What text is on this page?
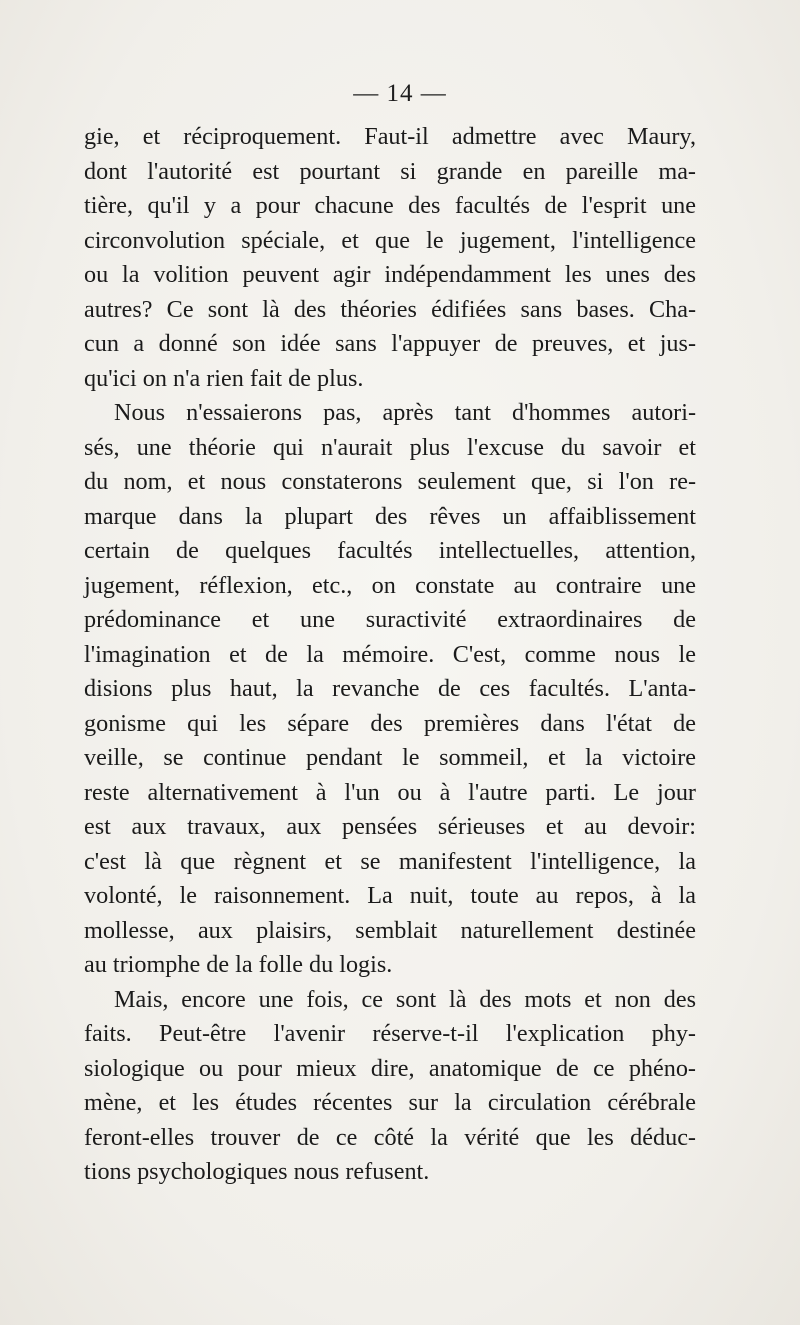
— 14 —
gie, et réciproquement. Faut-il admettre avec Maury,
dont l'autorité est pourtant si grande en pareille ma-
tière, qu'il y a pour chacune des facultés de l'esprit une
circonvolution spéciale, et que le jugement, l'intelligence
ou la volition peuvent agir indépendamment les unes des
autres? Ce sont là des théories édifiées sans bases. Cha-
cun a donné son idée sans l'appuyer de preuves, et jus-
qu'ici on n'a rien fait de plus.
Nous n'essaierons pas, après tant d'hommes autori-
sés, une théorie qui n'aurait plus l'excuse du savoir et
du nom, et nous constaterons seulement que, si l'on re-
marque dans la plupart des rêves un affaiblissement
certain de quelques facultés intellectuelles, attention,
jugement, réflexion, etc., on constate au contraire une
prédominance et une suractivité extraordinaires de
l'imagination et de la mémoire. C'est, comme nous le
disions plus haut, la revanche de ces facultés. L'anta-
gonisme qui les sépare des premières dans l'état de
veille, se continue pendant le sommeil, et la victoire
reste alternativement à l'un ou à l'autre parti. Le jour
est aux travaux, aux pensées sérieuses et au devoir:
c'est là que règnent et se manifestent l'intelligence, la
volonté, le raisonnement. La nuit, toute au repos, à la
mollesse, aux plaisirs, semblait naturellement destinée
au triomphe de la folle du logis.
Mais, encore une fois, ce sont là des mots et non des
faits. Peut-être l'avenir réserve-t-il l'explication phy-
siologique ou pour mieux dire, anatomique de ce phéno-
mène, et les études récentes sur la circulation cérébrale
feront-elles trouver de ce côté la vérité que les déduc-
tions psychologiques nous refusent.
